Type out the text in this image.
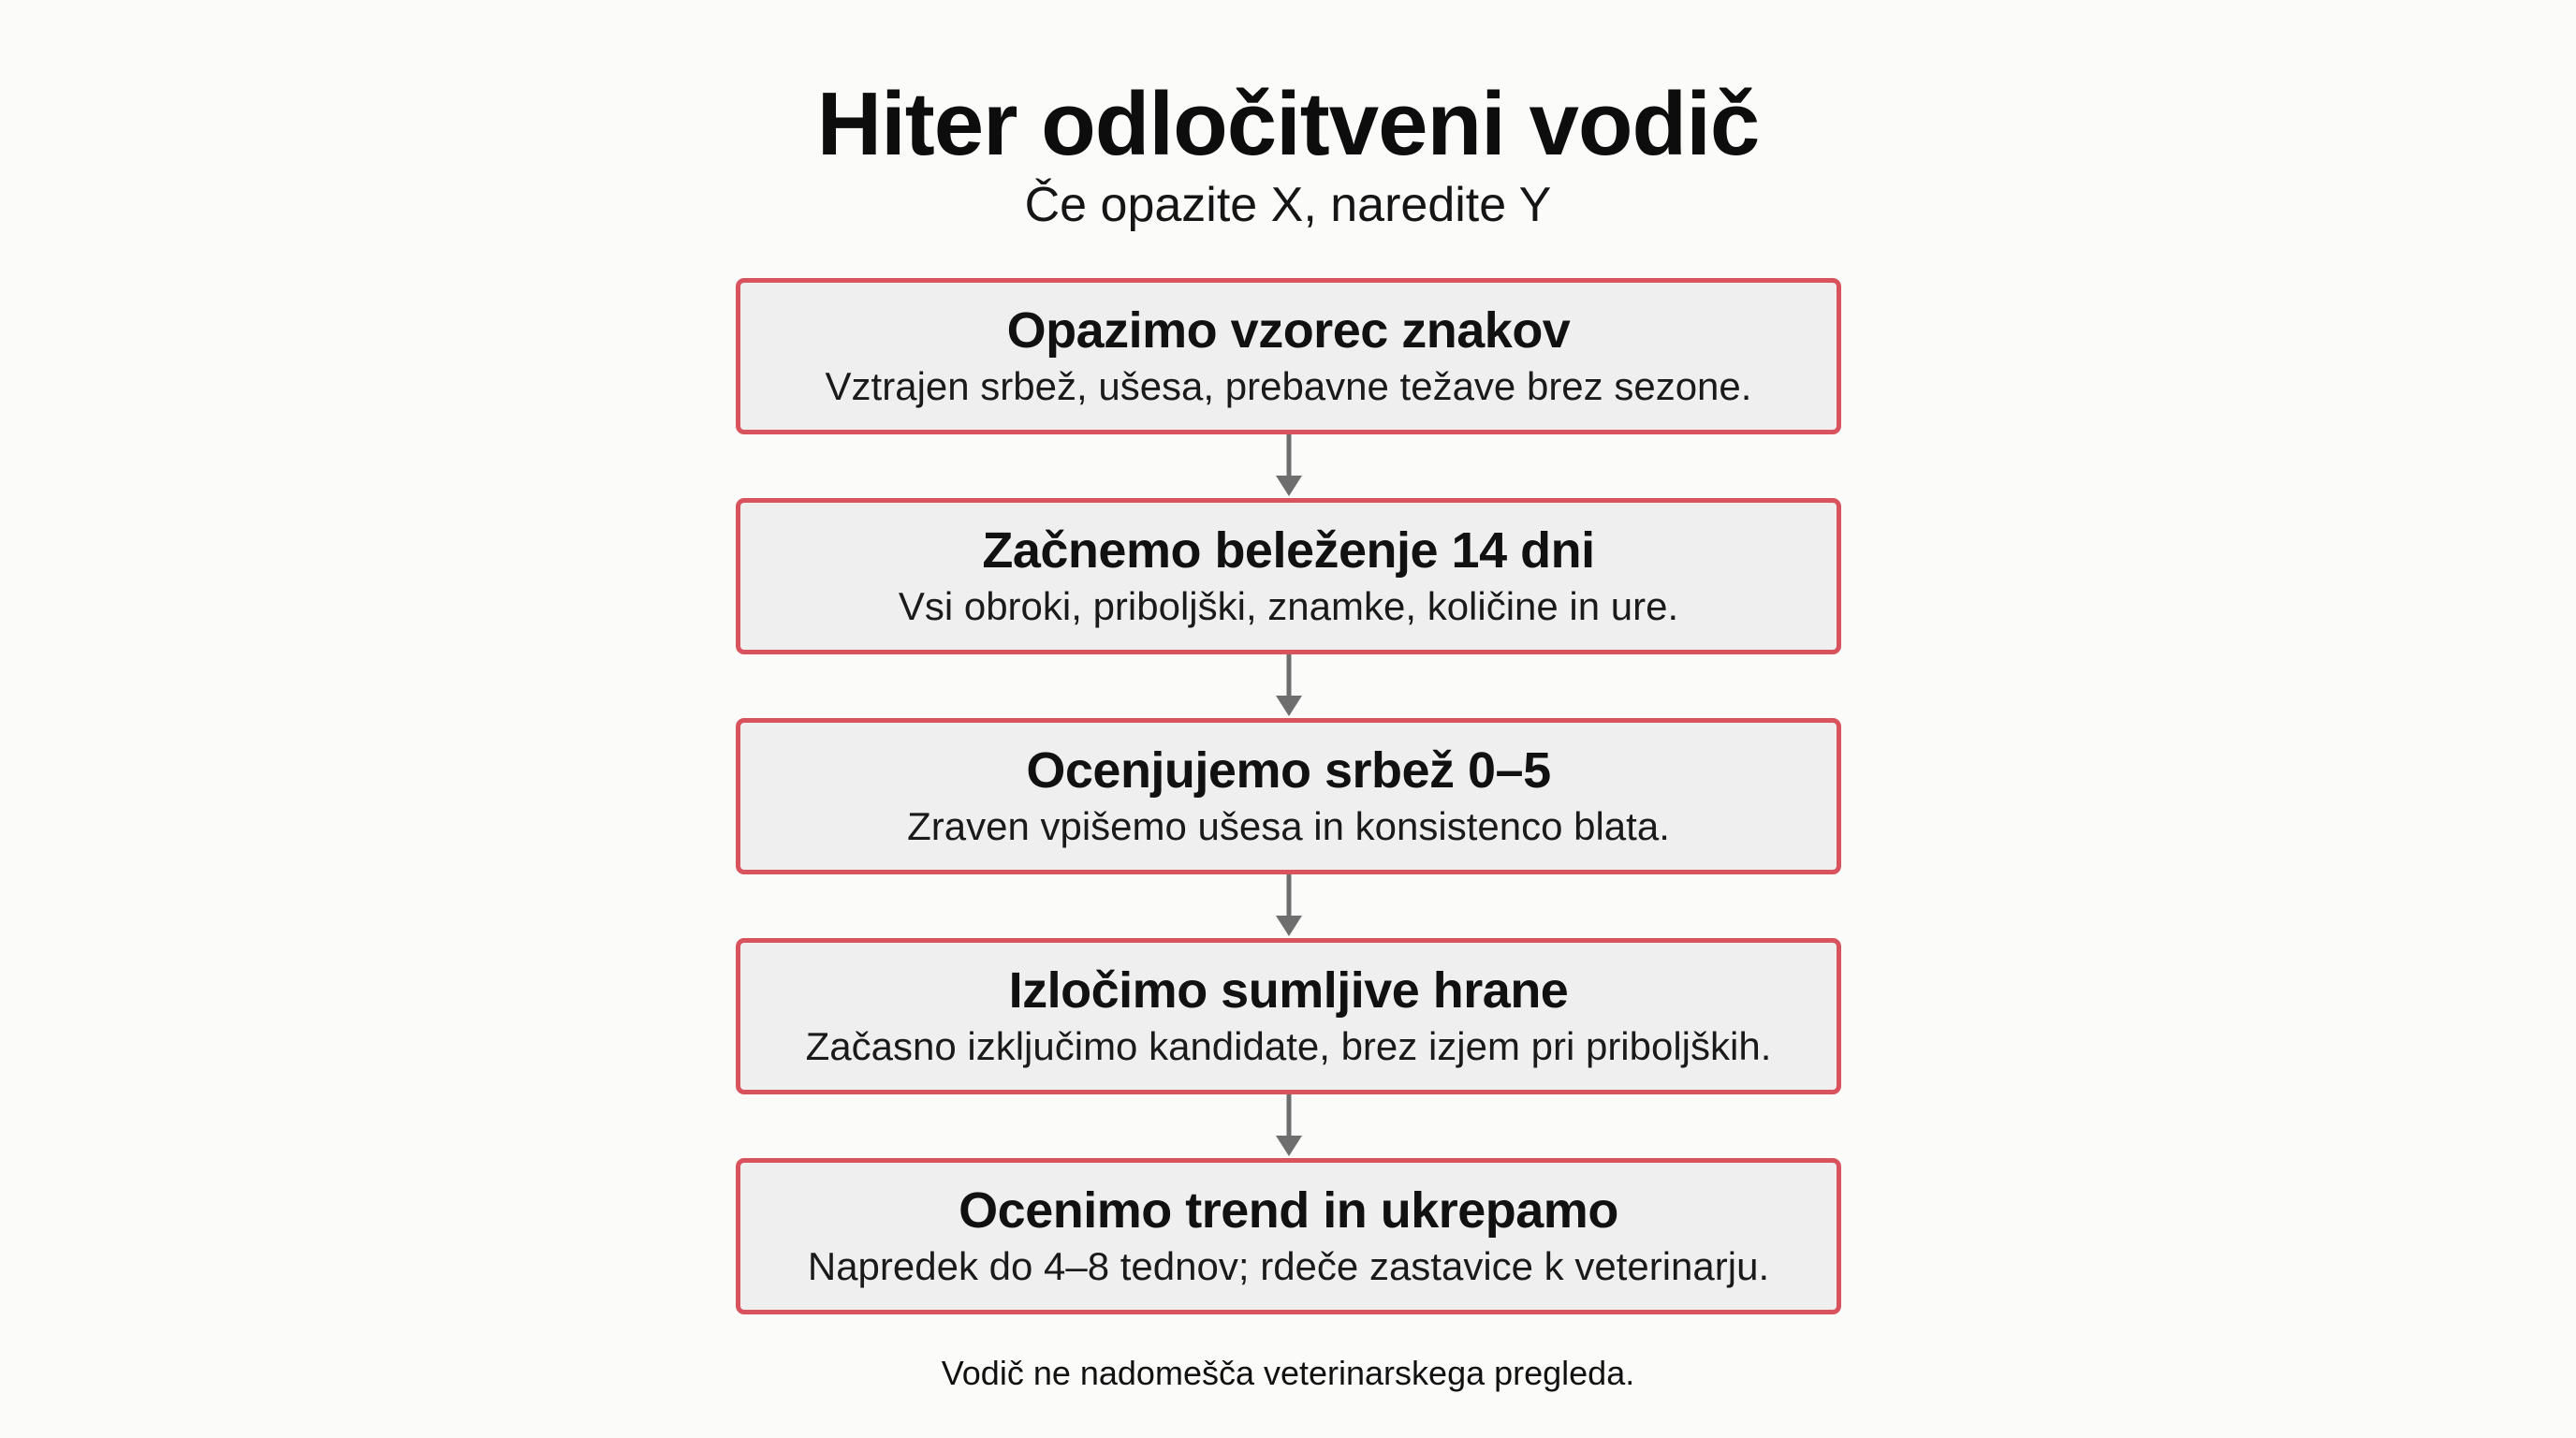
Hiter odločitveni vodič
Če opazite X, naredite Y
Opazimo vzorec znakov
Vztrajen srbež, ušesa, prebavne težave brez sezone.
Začnemo beleženje 14 dni
Vsi obroki, priboljški, znamke, količine in ure.
Ocenjujemo srbež 0–5
Zraven vpišemo ušesa in konsistenco blata.
Izločimo sumljive hrane
Začasno izključimo kandidate, brez izjem pri priboljških.
Ocenimo trend in ukrepamo
Napredek do 4–8 tednov; rdeče zastavice k veterinarju.
Vodič ne nadomešča veterinarskega pregleda.
